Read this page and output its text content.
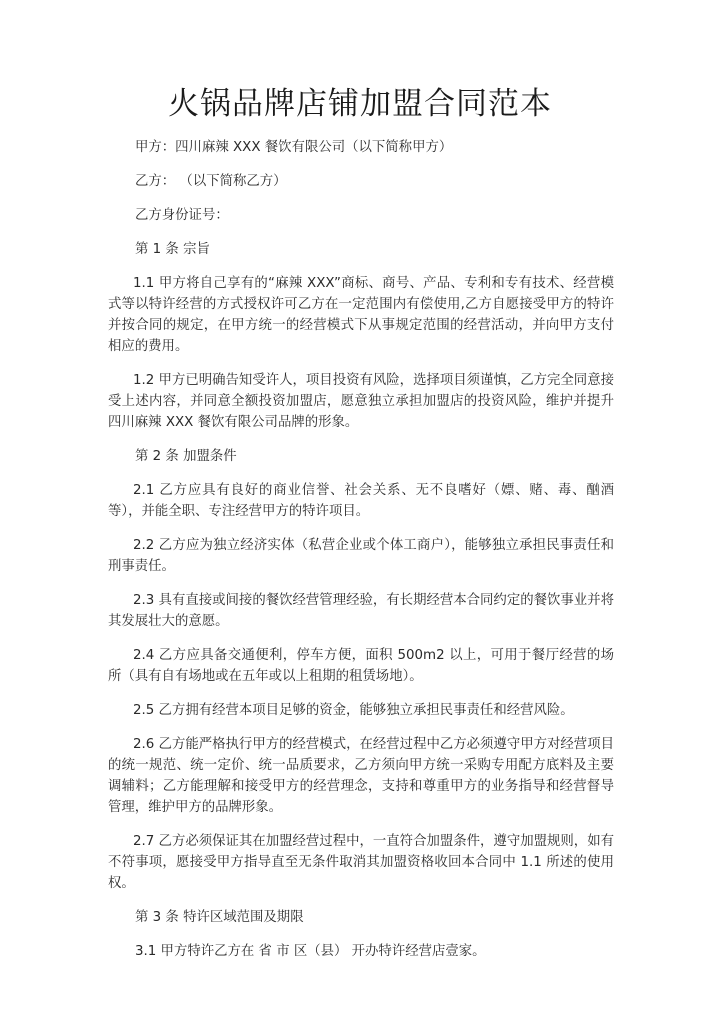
火锅品牌店铺加盟合同范本

甲方：四川麻辣 XXX 餐饮有限公司（以下简称甲方）

乙方： （以下简称乙方）

乙方身份证号：

第 1 条 宗旨

1.1 甲方将自己享有的“麻辣 XXX”商标、商号、产品、专利和专有技术、经营模式等以特许经营的方式授权许可乙方在一定范围内有偿使用,乙方自愿接受甲方的特许并按合同的规定，在甲方统一的经营模式下从事规定范围的经营活动，并向甲方支付相应的费用。

1.2 甲方已明确告知受许人，项目投资有风险，选择项目须谨慎，乙方完全同意接受上述内容，并同意全额投资加盟店，愿意独立承担加盟店的投资风险，维护并提升四川麻辣 XXX 餐饮有限公司品牌的形象。

第 2 条 加盟条件

2.1 乙方应具有良好的商业信誉、社会关系、无不良嗜好（嫖、赌、毒、酗酒等），并能全职、专注经营甲方的特许项目。

2.2 乙方应为独立经济实体（私营企业或个体工商户），能够独立承担民事责任和刑事责任。

2.3 具有直接或间接的餐饮经营管理经验，有长期经营本合同约定的餐饮事业并将其发展壮大的意愿。

2.4 乙方应具备交通便利，停车方便，面积 500m2 以上，可用于餐厅经营的场所（具有自有场地或在五年或以上租期的租赁场地）。

2.5 乙方拥有经营本项目足够的资金，能够独立承担民事责任和经营风险。

2.6 乙方能严格执行甲方的经营模式，在经营过程中乙方必须遵守甲方对经营项目的统一规范、统一定价、统一品质要求，乙方须向甲方统一采购专用配方底料及主要调辅料；乙方能理解和接受甲方的经营理念，支持和尊重甲方的业务指导和经营督导管理，维护甲方的品牌形象。

2.7 乙方必须保证其在加盟经营过程中，一直符合加盟条件，遵守加盟规则，如有不符事项，愿接受甲方指导直至无条件取消其加盟资格收回本合同中 1.1 所述的使用权。

第 3 条 特许区域范围及期限

3.1 甲方特许乙方在 省 市 区（县） 开办特许经营店壹家。
